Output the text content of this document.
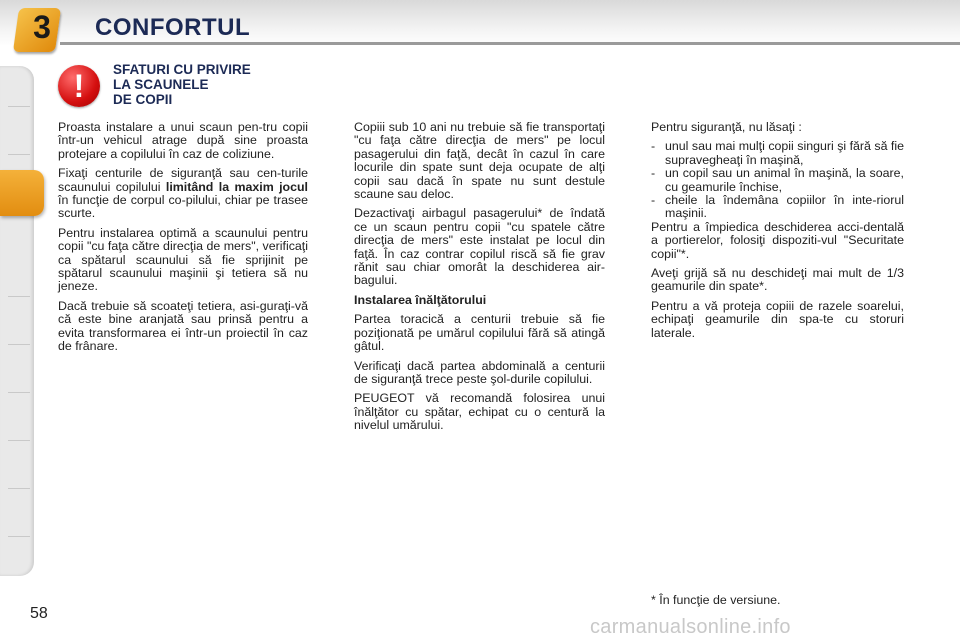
3 CONFORTUL
!	SFATURI CU PRIVIRE
LA SCAUNELE
DE COPII

Proasta instalare a unui scaun pen-tru copii într-un vehicul atrage după sine proasta protejare a copilului în caz de coliziune.

Fixaţi centurile de siguranţă sau cen-turile scaunului copilului limitând la maxim jocul în funcţie de corpul co-pilului, chiar pe trasee scurte.

Pentru instalarea optimă a scaunului pentru copii "cu faţa către direcţia de mers", verificaţi ca spătarul scaunului să fie sprijinit pe spătarul scaunului maşinii şi tetiera să nu jeneze.

Dacă trebuie să scoateţi tetiera, asi-guraţi-vă că este bine aranjată sau prinsă pentru a evita transformarea ei într-un proiectil în caz de frânare.

Copiii sub 10 ani nu trebuie să fie transportaţi "cu faţa către direcţia de mers" pe locul pasagerului din faţă, decât în cazul în care locurile din spate sunt deja ocupate de alţi copii sau dacă în spate nu sunt destule scaune sau deloc.

Dezactivaţi airbagul pasagerului* de îndată ce un scaun pentru copii "cu spatele către direcţia de mers" este instalat pe locul din faţă. În caz contrar copilul riscă să fie grav rănit sau chiar omorât la deschiderea air-bagului.

Instalarea înălţătorului

Partea toracică a centurii trebuie să fie poziţionată pe umărul copilului fără să atingă gâtul.

Verificaţi dacă partea abdominală a centurii de siguranţă trece peste şol-durile copilului.

PEUGEOT vă recomandă folosirea unui înălţător cu spătar, echipat cu o centură la nivelul umărului.

Pentru siguranţă, nu lăsaţi :

- unul sau mai mulţi copii singuri şi fără să fie supravegheaţi în maşină,
- un copil sau un animal în maşină, la soare, cu geamurile închise,
- cheile la îndemâna copiilor în inte-riorul maşinii.

Pentru a împiedica deschiderea acci-dentală a portierelor, folosiţi dispoziti-vul "Securitate copii"*.

Aveţi grijă să nu deschideţi mai mult de 1/3 geamurile din spate*.

Pentru a vă proteja copiii de razele soarelui, echipaţi geamurile din spa-te cu storuri laterale.

* În funcţie de versiune.
58
carmanualsonline.info
